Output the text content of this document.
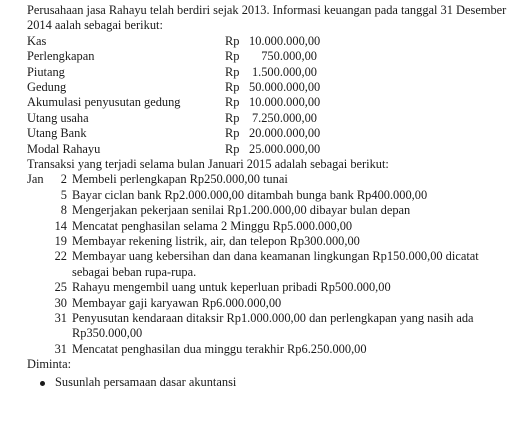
Perusahaan jasa Rahayu telah berdiri sejak 2013. Informasi keuangan pada tanggal 31 Desember 2014 aalah sebagai berikut:

Kas	Rp 10.000.000,00
Perlengkapan	Rp	750.000,00
Piutang	Rp	1.500.000,00
Gedung	Rp 50.000.000,00
Akumulasi penyusutan gedung	Rp 10.000.000,00
Utang usaha	Rp	7.250.000,00
Utang Bank	Rp 20.000.000,00
Modal Rahayu	Rp 25.000.000,00

Transaksi yang terjadi selama bulan Januari 2015 adalah sebagai berikut:

Jan	2 Membeli perlengkapan Rp250.000,00 tunai
5 Bayar ciclan bank Rp2.000.000,00 ditambah bunga bank Rp400.000,00
8 Mengerjakan pekerjaan senilai Rp1.200.000,00 dibayar bulan depan
14 Mencatat penghasilan selama 2 Minggu Rp5.000.000,00
19 Membayar rekening listrik, air, dan telepon Rp300.000,00
22 Membayar uang kebersihan dan dana keamanan lingkungan Rp150.000,00 dicatat sebagai beban rupa-rupa.
25 Rahayu mengembil uang untuk keperluan pribadi Rp500.000,00
30 Membayar gaji karyawan Rp6.000.000,00
31 Penyusutan kendaraan ditaksir Rp1.000.000,00 dan perlengkapan yang nasih ada Rp350.000,00
31 Mencatat penghasilan dua minggu terakhir Rp6.250.000,00

Diminta:

Susunlah persamaan dasar akuntansi
